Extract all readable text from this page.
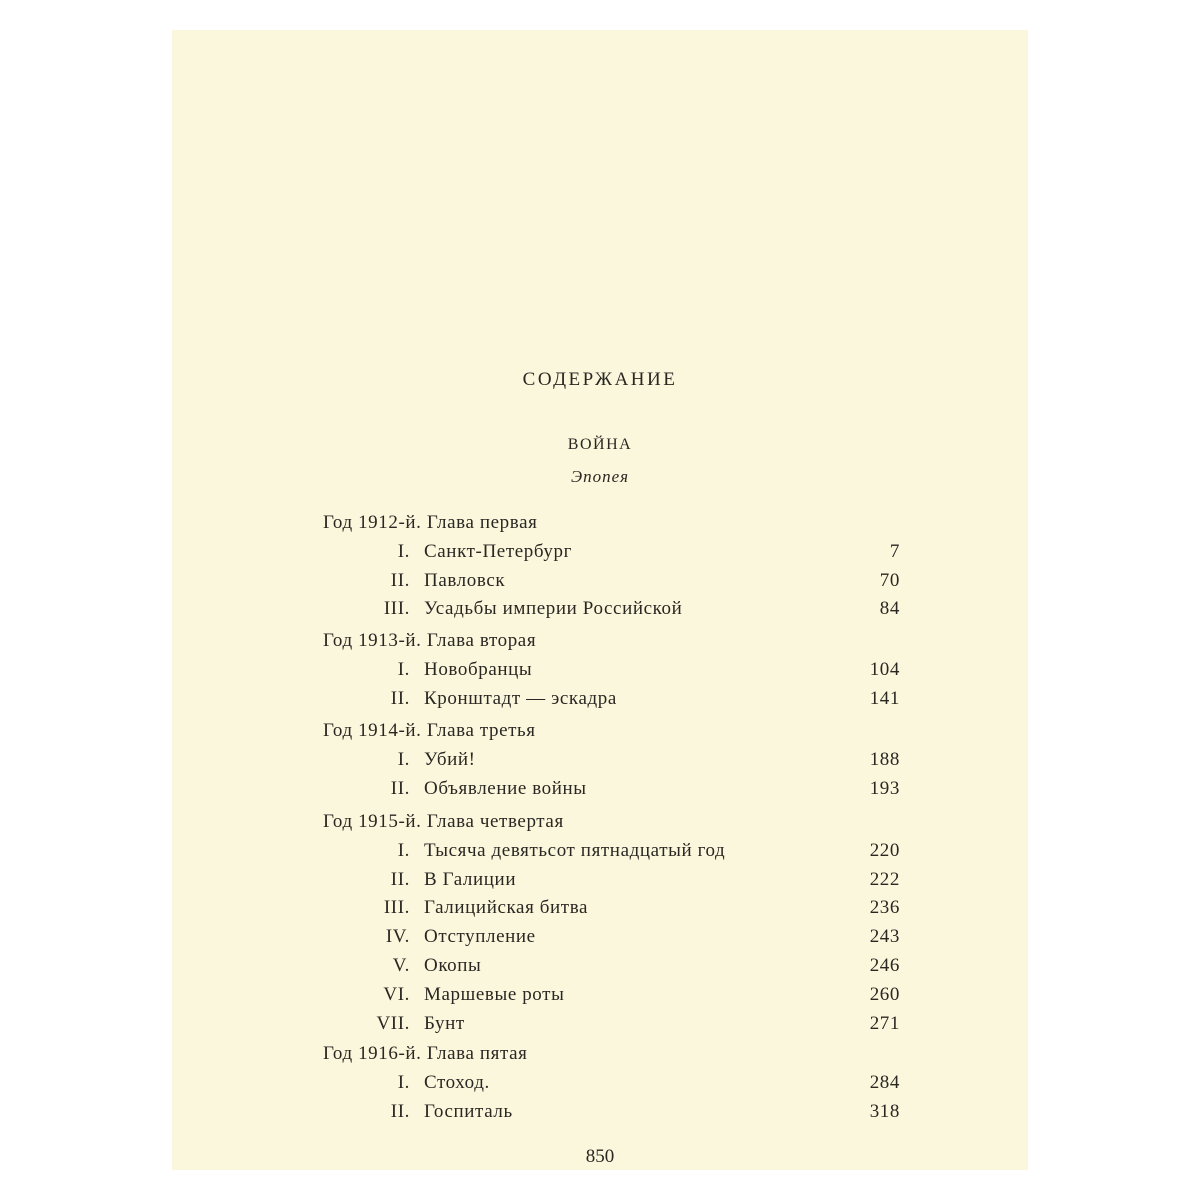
СОДЕРЖАНИЕ
ВОЙНА
Эпопея
Год 1912-й. Глава первая
I. Санкт-Петербург	7
II. Павловск	70
III. Усадьбы империи Российской	84
Год 1913-й. Глава вторая
I. Новобранцы	104
II. Кронштадт — эскадра	141
Год 1914-й. Глава третья
I. Убий!	188
II. Объявление войны	193
Год 1915-й. Глава четвертая
I. Тысяча девятьсот пятнадцатый год	220
II. В Галиции	222
III. Галицийская битва	236
IV. Отступление	243
V. Окопы	246
VI. Маршевые роты	260
VII. Бунт	271
Год 1916-й. Глава пятая
I. Стоход.	284
II. Госпиталь	318
850
